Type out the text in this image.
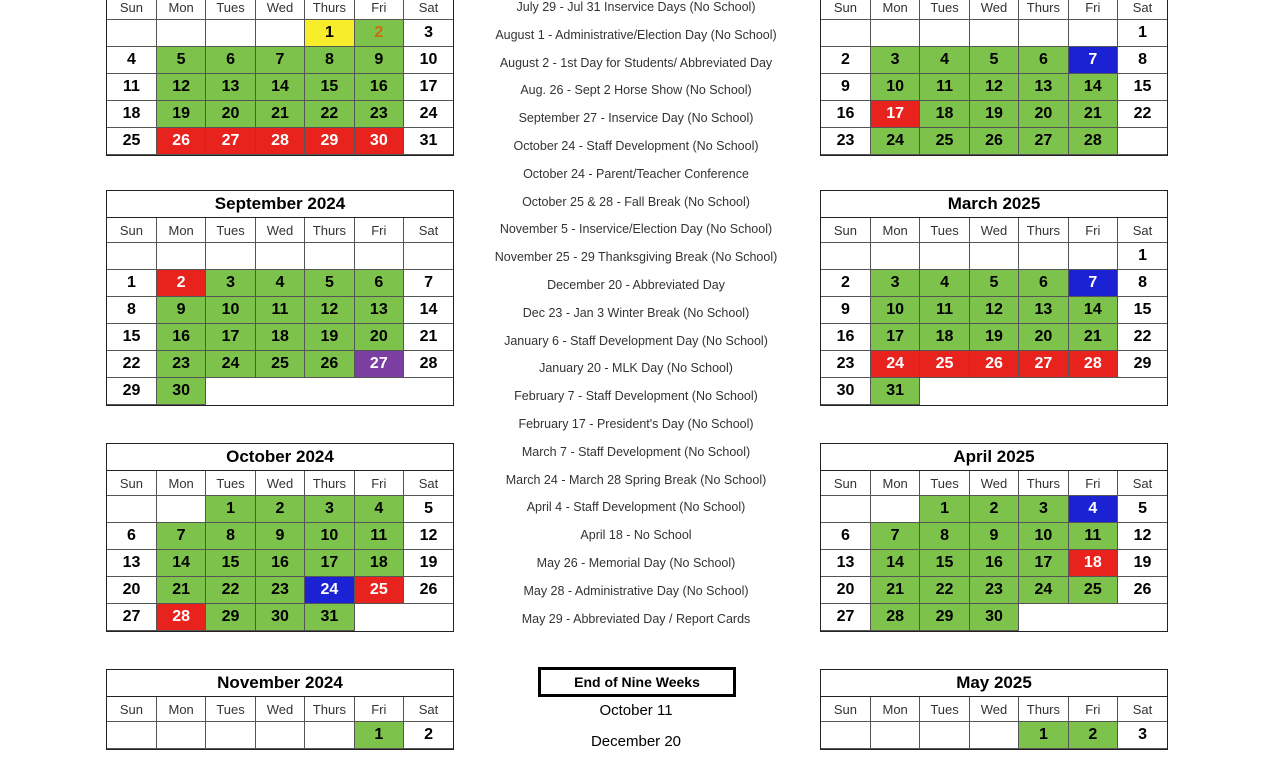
Sun	Mon	Tues	Wed	Thurs	Fri	Sat
				1	2	3
4	5	6	7	8	9	10
11	12	13	14	15	16	17
18	19	20	21	22	23	24
25	26	27	28	29	30	31
Sun	Mon	Tues	Wed	Thurs	Fri	Sat
						1
2	3	4	5	6	7	8
9	10	11	12	13	14	15
16	17	18	19	20	21	22
23	24	25	26	27	28	
September 2024
Sun	Mon	Tues	Wed	Thurs	Fri	Sat

1	2	3	4	5	6	7
8	9	10	11	12	13	14
15	16	17	18	19	20	21
22	23	24	25	26	27	28
29	30					
March 2025
Sun	Mon	Tues	Wed	Thurs	Fri	Sat
						1
2	3	4	5	6	7	8
9	10	11	12	13	14	15
16	17	18	19	20	21	22
23	24	25	26	27	28	29
30	31					
October 2024
Sun	Mon	Tues	Wed	Thurs	Fri	Sat
		1	2	3	4	5
6	7	8	9	10	11	12
13	14	15	16	17	18	19
20	21	22	23	24	25	26
27	28	29	30	31		
April 2025
Sun	Mon	Tues	Wed	Thurs	Fri	Sat
		1	2	3	4	5
6	7	8	9	10	11	12
13	14	15	16	17	18	19
20	21	22	23	24	25	26
27	28	29	30			
November 2024
Sun	Mon	Tues	Wed	Thurs	Fri	Sat
					1	2
May 2025
Sun	Mon	Tues	Wed	Thurs	Fri	Sat
				1	2	3
July 29 - Jul 31 Inservice Days (No School)
August 1 - Administrative/Election Day (No School)
August 2 - 1st Day for Students/ Abbreviated Day
Aug. 26 - Sept 2 Horse Show (No School)
September 27 - Inservice Day (No School)
October 24 - Staff Development (No School)
October 24 - Parent/Teacher Conference
October 25 & 28 - Fall Break (No School)
November 5 - Inservice/Election Day (No School)
November 25 - 29 Thanksgiving Break (No School)
December 20 - Abbreviated Day
Dec 23 - Jan 3 Winter Break (No School)
January 6 - Staff Development Day (No School)
January 20 - MLK Day (No School)
February 7 - Staff Development (No School)
February 17 - President's Day (No School)
March 7 - Staff Development (No School)
March 24 - March 28 Spring Break (No School)
April 4 - Staff Development (No School)
April 18 - No School
May 26 - Memorial Day (No School)
May 28 - Administrative Day (No School)
May 29 - Abbreviated Day / Report Cards
End of Nine Weeks
October 11
December 20
